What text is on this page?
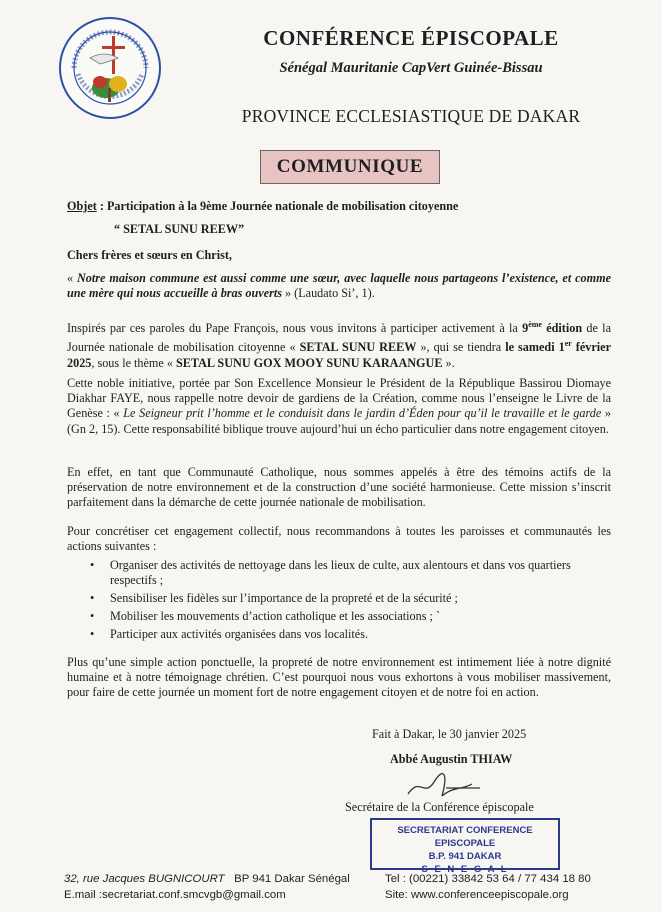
CONFÉRENCE ÉPISCOPALE
Sénégal Mauritanie CapVert Guinée-Bissau
PROVINCE ECCLESIASTIQUE DE DAKAR
COMMUNIQUE
Objet : Participation à la 9ème Journée nationale de mobilisation citoyenne
“ SETAL SUNU REEW”
Chers frères et sœurs en Christ,
« Notre maison commune est aussi comme une sœur, avec laquelle nous partageons l’existence, et comme une mère qui nous accueille à bras ouverts » (Laudato Si’, 1).
Inspirés par ces paroles du Pape François, nous vous invitons à participer activement à la 9ème édition de la Journée nationale de mobilisation citoyenne « SETAL SUNU REEW », qui se tiendra le samedi 1er février 2025, sous le thème « SETAL SUNU GOX MOOY SUNU KARAANGUE ».
Cette noble initiative, portée par Son Excellence Monsieur le Président de la République Bassirou Diomaye Diakhar FAYE, nous rappelle notre devoir de gardiens de la Création, comme nous l’enseigne le Livre de la Genèse : « Le Seigneur prit l’homme et le conduisit dans le jardin d’Éden pour qu’il le travaille et le garde » (Gn 2, 15). Cette responsabilité biblique trouve aujourd’hui un écho particulier dans notre engagement citoyen.
En effet, en tant que Communauté Catholique, nous sommes appelés à être des témoins actifs de la préservation de notre environnement et de la construction d’une société harmonieuse. Cette mission s’inscrit parfaitement dans la démarche de cette journée nationale de mobilisation.
Pour concrétiser cet engagement collectif, nous recommandons à toutes les paroisses et communautés les actions suivantes :
• Organiser des activités de nettoyage dans les lieux de culte, aux alentours et dans vos quartiers respectifs ;
• Sensibiliser les fidèles sur l’importance de la propreté et de la sécurité ;
• Mobiliser les mouvements d’action catholique et les associations ; `
• Participer aux activités organisées dans vos localités.
Plus qu’une simple action ponctuelle, la propreté de notre environnement est intimement liée à notre dignité humaine et à notre témoignage chrétien. C’est pourquoi nous vous exhortons à vous mobiliser massivement, pour faire de cette journée un moment fort de notre engagement citoyen et de notre foi en action.
Fait à Dakar, le 30 janvier 2025
Abbé Augustin THIAW
Secrétaire de la Conférence épiscopale
SECRETARIAT CONFERENCE EPISCOPALE
B.P. 941 DAKAR
S E N E G A L
32, rue Jacques BUGNICOURT BP 941 Dakar Sénégal
E.mail :secretariat.conf.smcvgb@gmail.com
Tel : (00221) 33842 53 64 / 77 434 18 80
Site: www.conferenceepiscopale.org
